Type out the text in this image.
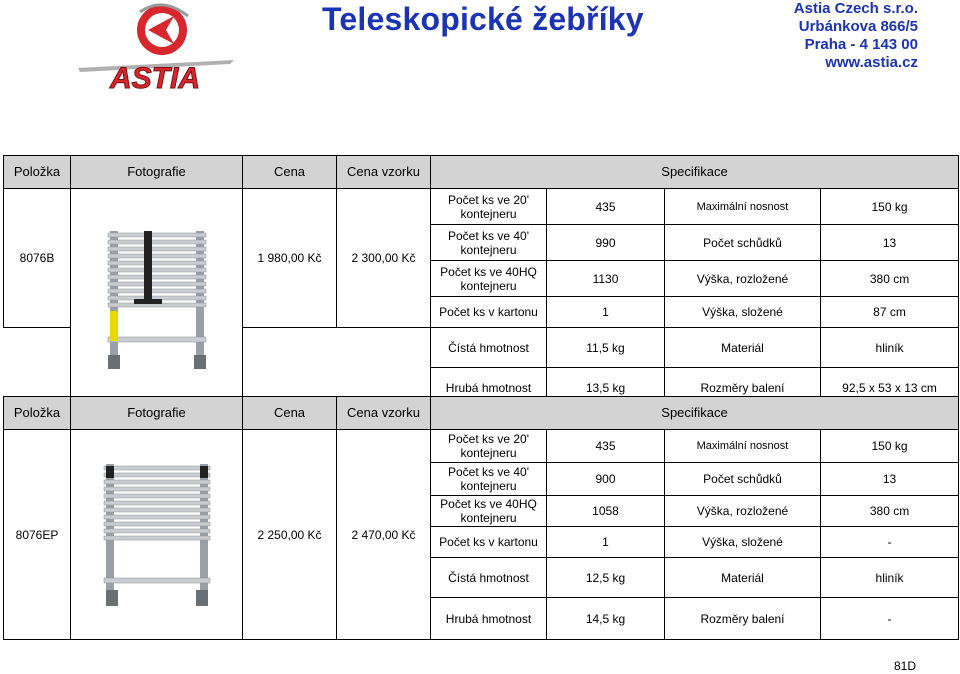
ASTIA
Teleskopické žebříky	Astia Czech s.r.o.
Urbánkova 866/5
Praha - 4 143 00
www.astia.cz
Položka	Fotografie	Cena	Cena vzorku	Specifikace			
8076B		1 980,00 Kč	2 300,00 Kč	Počet ks ve 20' kontejneru	435	Maximální nosnost	150 kg
				Počet ks ve 40' kontejneru	990	Počet schůdků	13
				Počet ks ve 40HQ kontejneru	1130	Výška, rozložené	380 cm
				Počet ks v kartonu	1	Výška, složené	87 cm
				Čístá hmotnost	11,5 kg	Materiál	hliník
				Hrubá hmotnost	13,5 kg	Rozměry balení	92,5 x 53 x 13 cm
Položka	Fotografie	Cena	Cena vzorku	Specifikace			
8076EP		2 250,00 Kč	2 470,00 Kč	Počet ks ve 20' kontejneru	435	Maximální nosnost	150 kg
				Počet ks ve 40' kontejneru	900	Počet schůdků	13
				Počet ks ve 40HQ kontejneru	1058	Výška, rozložené	380 cm
				Počet ks v kartonu	1	Výška, složené	-
				Čístá hmotnost	12,5 kg	Materiál	hliník
				Hrubá hmotnost	14,5 kg	Rozměry balení	-
81D
